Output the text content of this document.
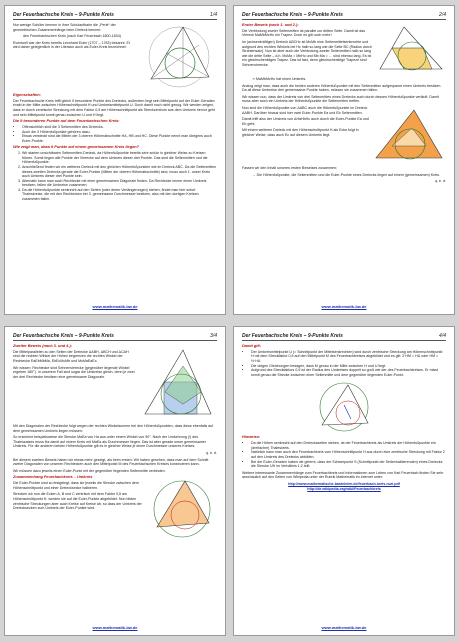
Der Feuerbachsche Kreis – 9-Punkte Kreis	1/4

Nur wenige Schüler kennen in ihrer Schulaufbahn die „Perle“ der geometrischen Zusammenhänge beim Dreieck kennen:

den Feuerbachschen Kreis (nach Karl Feuerbach 1800-1834)

Eventuell war der Kreis bereits Leonhard Euler (1707 – 1783) bekannt. Er wird daher gelegentlich in der Literatur auch als Euler-Kreis bezeichnet.

Eigenschaften:

Der Feuerbachsche Kreis trifft gleich 9 besondere Punkte des Dreiecks, außerdem liegt sein Mittelpunkt auf der Euler-Geraden exakt in der Mitte zwischen Höhenschnittpunkt H und Umkreismittelpunkt U. Doch damit noch nicht genug. Wir werden zeigen, dass er durch zentrische Streckung mit dem Faktor 0,5 am Höhenschnittpunkt als Streckzentrum aus dem Umkreis hervor geht und sein Mittelpunkt somit genau zwischen U und H liegt.

Die 9 besonderen Punkte auf dem Feuerbachschen Kreis:

• Offensichtlich sind die 3 Seitenmitten des Dreiecks.
• Auch die 3 Höhenfußpunkte gehören dazu.
• Etwas versteckt sind die Mitten der 3 oberen Höhenabschnitte HA, HB und HC. Diese Punkte nennt man übrigens auch Euler-Punkte.

Wie zeigt man, dass 9 Punkte auf einem gemeinsamen Kreis liegen?

1. Wir starten unsichtbaren Seitenmitten-Dreieck, da Höhenfußpunkte bereits sehr schön in gleicher Weise zu Kreisen führen. Somit liegen alle Punkte der Vierecke auf dem Umkreis dieser drei Punkte. Das sind die Seitenmitten und die Höhenfußpunkte.
2. Anschließend finden wir ein weiteres Dreieck mit den gleichen Höhenfußpunkten wie im Dreieck ABC. Da die Seitenmitten dieses zweiten Dreiecks gerade die Euler-Punkte (Mitten der oberen Höhenabschnitte) sind, muss auch 1. unser Kreis auch Umkreis dieser drei Punkte sein.
3. Alternativ kann man auch Rechtecke mit einer gemeinsamen Diagonale finden. Da Rechtecke immer einen Umkreis besitzen, fallen die Umkreise zusammen.
4. Da die Höhenfußpunkte senkrecht auf den Seiten (oder deren Verlängerungen) stehen, findet man hier sofort Thaleskreise, die mit den Rechtecken bei 3. gemeinsame Durchmesser besitzen, also mit den dortigen Kreisen zusammen fallen.
www.mathematik-bw.de
Der Feuerbachsche Kreis – 9-Punkte Kreis	2/4

Erster Beweis (nach 1. und 2.):

Die Verbindung zweier Seitenmitten ist parallel zur dritten Seite. Damit ist das Viereck MaMbMcHc ein Trapez. Doch es gilt noch mehr!

Im (achsenkräftigen) Dreieck ΔBCHc ist McMb eine Seitenmittelsenkrechte und aufgrund des rechten Winkels bei Hc halb so lang wie die Seite BC (Radius durch Strahlensatz). Nun ist aber auch die Verbindung zweier Seitenmitten halb so lang wie die dritte Seite – d.h. McMa = MbHc und Mb Ma = … sind ebenso lang. Es ist ein gleichschenkliges Trapez. Das ist fast, denn gleichschenklige Trapeze sind Sehnenvierecke.

⇒ MaMbMcHc hat einen Umkreis.

Analog zeigt man, dass auch die beiden anderen Höhenfußpunkte mit den Seitenmitten aufgespannt einen Umkreis besitzen. Da all diese Umkreise drei gemeinsame Punkte haben, müssen sie zusammen fallen.

Wir wissen nun, dass der Umkreis von drei Seitenmitten eines Dreiecks auch durch dessen Höhenfußpunkte verläuft. Damit muss aber auch ein Umkreis der Höhenfußpunkte die Seitenmitten treffen.

Nun sind die Höhenfußpunkte von ΔABC auch die Höhenfußpunkte im Dreieck ΔABH. Darüber hinaus sind hier zwei Euler-Punkte Ea und Eb Seitenmitten.

Damit trifft also der Umkreis von ΔHaHbHc auch durch die Euler-Punkte Ea und Eb geht.

Mit einem weiteren Dreieck mit den Höhenschnittpunkt H als Ecke folgt in gleicher Weise, dass auch Ec auf diesem Umkreis liegt.

Fassen wir den Inhalt unseres ersten Beweises zusammen:

→ Die Höhenfußpunkte, die Seitenmitten und die Euler-Punkte eines Dreiecks liegen auf einem (gemeinsamen) Kreis.

q. e. d.

www.mathematik-bw.de
Der Feuerbachsche Kreis – 9-Punkte Kreis	3/4

Zweiter Beweis (nach 3. und 4.):

Die Mittelparallelen zu den Seiten der Dreiecke ΔABH, ΔBCH und ΔCAH sind die rechten Winkel der Höhen begrenzen die rechten Winkel der Rechtecke EaEbMbMa, EbEcMcMb und McMaEaEc.

Wir wissen: Rechtecke sind Sehnenvierecke (gegenüber liegende Winkel ergeben 180°). In unserem Fall sind sogar die Umkreise gleich, denn je zwei der drei Rechtecke besitzen eine gemeinsame Diagonale.

Mit den Diagonalen der Rechtecke folgt wegen der rechten Winkelsumme bei den Höhenfußpunkten, dass diese ebenfalls auf dem gemeinsamen Umkreis liegen müssen:

So erscheint beispielsweise die Strecke MaEa von Ha aus unter einem Winkel von 90°. Nach der Umkehrung (!) des Thalessatzes muss Ha damit auf einem Kreis mit MaEa als Durchmesser liegen. Das ist aber gerade unser gemeinsamer Umkreis. Für die anderen beiden Höhenfußpunkte gilt es in gleicher Weise je einen Durchmesser unseres Kreises.

q. e. d.

Bei diesem zweiten Beweis haben wir etwas mehr gezeigt, als beim ersten: Wir haben gesehen, dass man auf dem Schnitt zweier Diagonalen von unseren Rechtecken auch den Mittelpunkt M des Feuerbachschen Kreises konstruieren kann.

Wir müssen dazu jeweils einen Euler-Punkt mit der gegenüber liegenden Seitenmitte verbinden.

Zusammenhang Feuerbachkreis – Umkreis

Die Euler-Punkte sind so festgelegt, dass sie jeweils die Strecke zwischen dem Höhenschnittpunkt und einer Dreiecksecke halbieren.

Strecken wir nun die Ecken A, B und C zentrisch mit dem Faktor 0,5 am Höhenschnittpunkt H, werden sie auf die Euler-Punkte abgebildet. Nun bilden zentrische Streckungen aber auch Kreise auf Kreise ab, so dass der Umkreis der Dreiecksecken zum Umkreis der Euler-Punkte wird.

www.mathematik-bw.de
Der Feuerbachsche Kreis – 9-Punkte Kreis	4/4

Damit gilt:

• Der Umkreismittelpunkt U (= Schnittpunkt der Mittelsenkrechten) wird durch zentrische Streckung am Höhenschnittpunkt H mit dem Streckfaktor 0,5 auf den Mittelpunkt M des Feuerbachkreises abgebildet und es gilt: 2·HM = HU oder HM = ½·HU.
• Die obigen Gleichungen besagen, dass M genau in der Mitte zwischen H und U liegt.
• Aufgrund des Streckfaktors 0,5 ist der Radius des Umkreises doppelt so groß wie der des Feuerbachkreises. Er misst somit genau die Strecke zwischen einer Seitenmitte und dem gegenüber liegenden Euler-Punkt.

Hinweise:

• Da die Höhen senkrecht auf den Dreiecksseiten stehen, ist der Feuerbachkreis als Umkreis der Höhenfußpunkte ein (dreifacher) Thaleskreis.
• Natürlich kann man auch den Feuerbachkreis vom Höhenschnittpunkt H aus durch eine zentrische Streckung mit Faktor 2 auf den Umkreis des Dreiecks abbilden.
• Bei der Euler-Geraden haben wir gelernt, dass der Schwerpunkt S (Schnittpunkt der Seitenhalbierenden) eines Dreiecks die Strecke UH im Verhältnis 1:2 teilt.

Weitere interessante Zusammenhänge zum Feuerbachkreis und Informationen zum Leben von Karl Feuerbach finden Sie sehr anschaulich auf den Seiten von Wikipedia unter der Rubrik Mathematik im Internet unter:

http://www.mathematische-basteleien.de/feuerbach-kreis-nuri.pdf

http://de.wikipedia.org/wiki/Feuerbachkreis

www.mathematik-bw.de
